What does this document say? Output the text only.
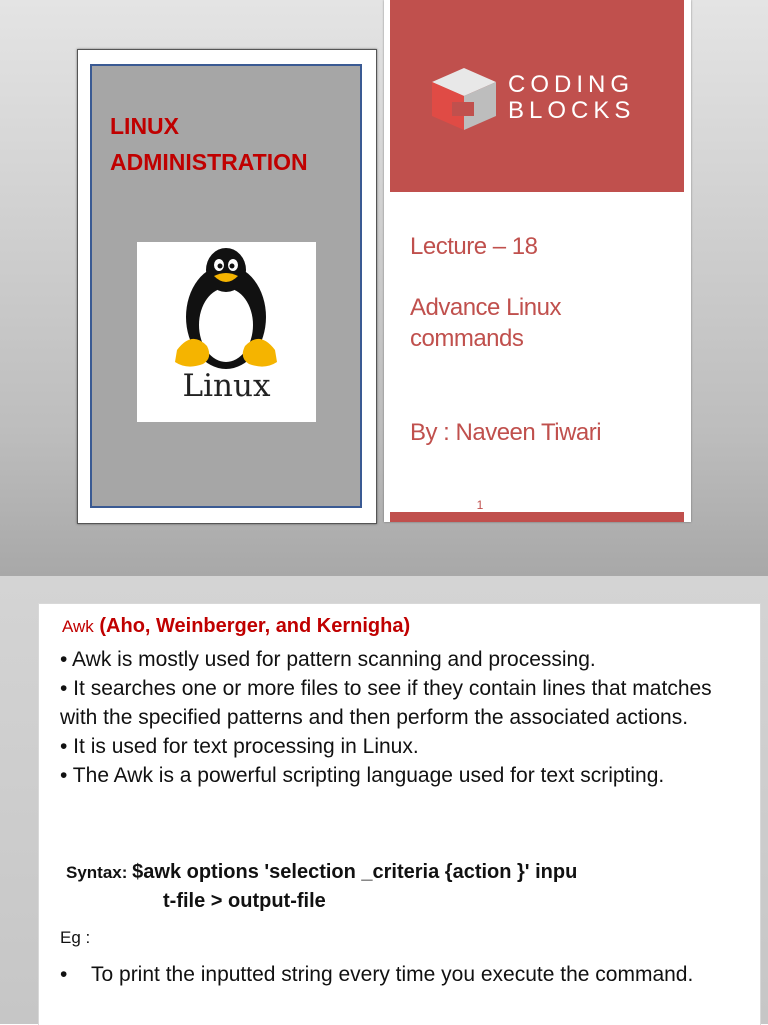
LINUX
ADMINISTRATION
Linux
CODING
BLOCKS
Lecture – 18
Advance Linux
commands
By : Naveen Tiwari
1
Awk (Aho, Weinberger, and Kernigha)

• Awk is mostly used for pattern scanning and processing.

• It searches one or more files to see if they contain lines that matches with the specified patterns and then perform the associated actions.

• It is used for text processing in Linux.

• The Awk is a powerful scripting language used for text scripting.

Syntax: $awk options 'selection _criteria {action }' inpu
t-file > output-file
Eg :
•	To print the inputted string every time you execute the command.
